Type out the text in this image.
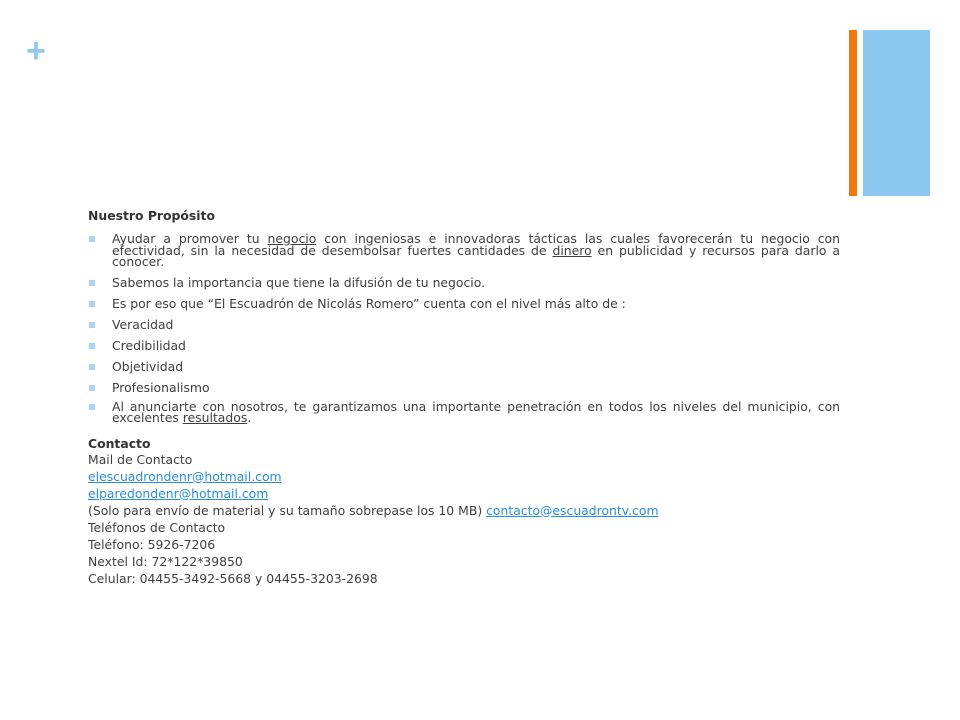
+
Nuestro Propósito
Ayudar a promover tu negocio con ingeniosas e innovadoras tácticas las cuales favorecerán tu negocio con efectividad, sin la necesidad de desembolsar fuertes cantidades de dinero en publicidad y recursos para darlo a conocer.
Sabemos la importancia que tiene la difusión de tu negocio.
Es por eso que “El Escuadrón de Nicolás Romero” cuenta con el nivel más alto de :
Veracidad
Credibilidad
Objetividad
Profesionalismo
Al anunciarte con nosotros, te garantizamos una importante penetración en todos los niveles del municipio, con excelentes resultados.
Contacto
Mail de Contacto
elescuadrondenr@hotmail.com
elparedondenr@hotmail.com
(Solo para envío de material y su tamaño sobrepase los 10 MB) contacto@escuadrontv.com
Teléfonos de Contacto
Teléfono: 5926-7206
Nextel Id: 72*122*39850
Celular: 04455-3492-5668 y 04455-3203-2698
